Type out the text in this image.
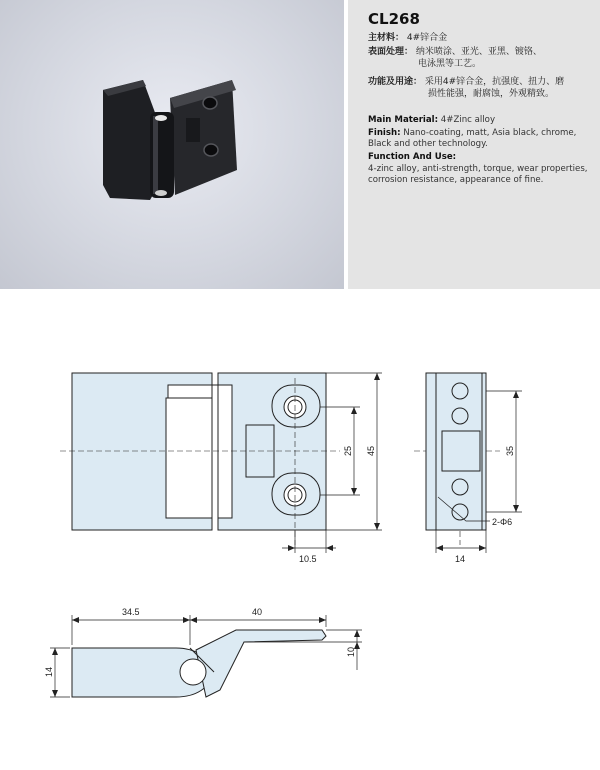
CL268
主材料： 4#锌合金
表面处理： 纳米喷涂、亚光、亚黑、镀铬、
电泳黑等工艺。
功能及用途： 采用4#锌合金，抗强度、扭力、磨
损性能强，耐腐蚀，外观精致。
Main Material: 4#Zinc alloy
Finish: Nano-coating, matt, Asia black, chrome, Black and other technology.
Function And Use:
4-zinc alloy, anti-strength, torque, wear properties, corrosion resistance, appearance of fine.
25 45
10.5
35
14
2-Φ6
34.5	40
14
10
